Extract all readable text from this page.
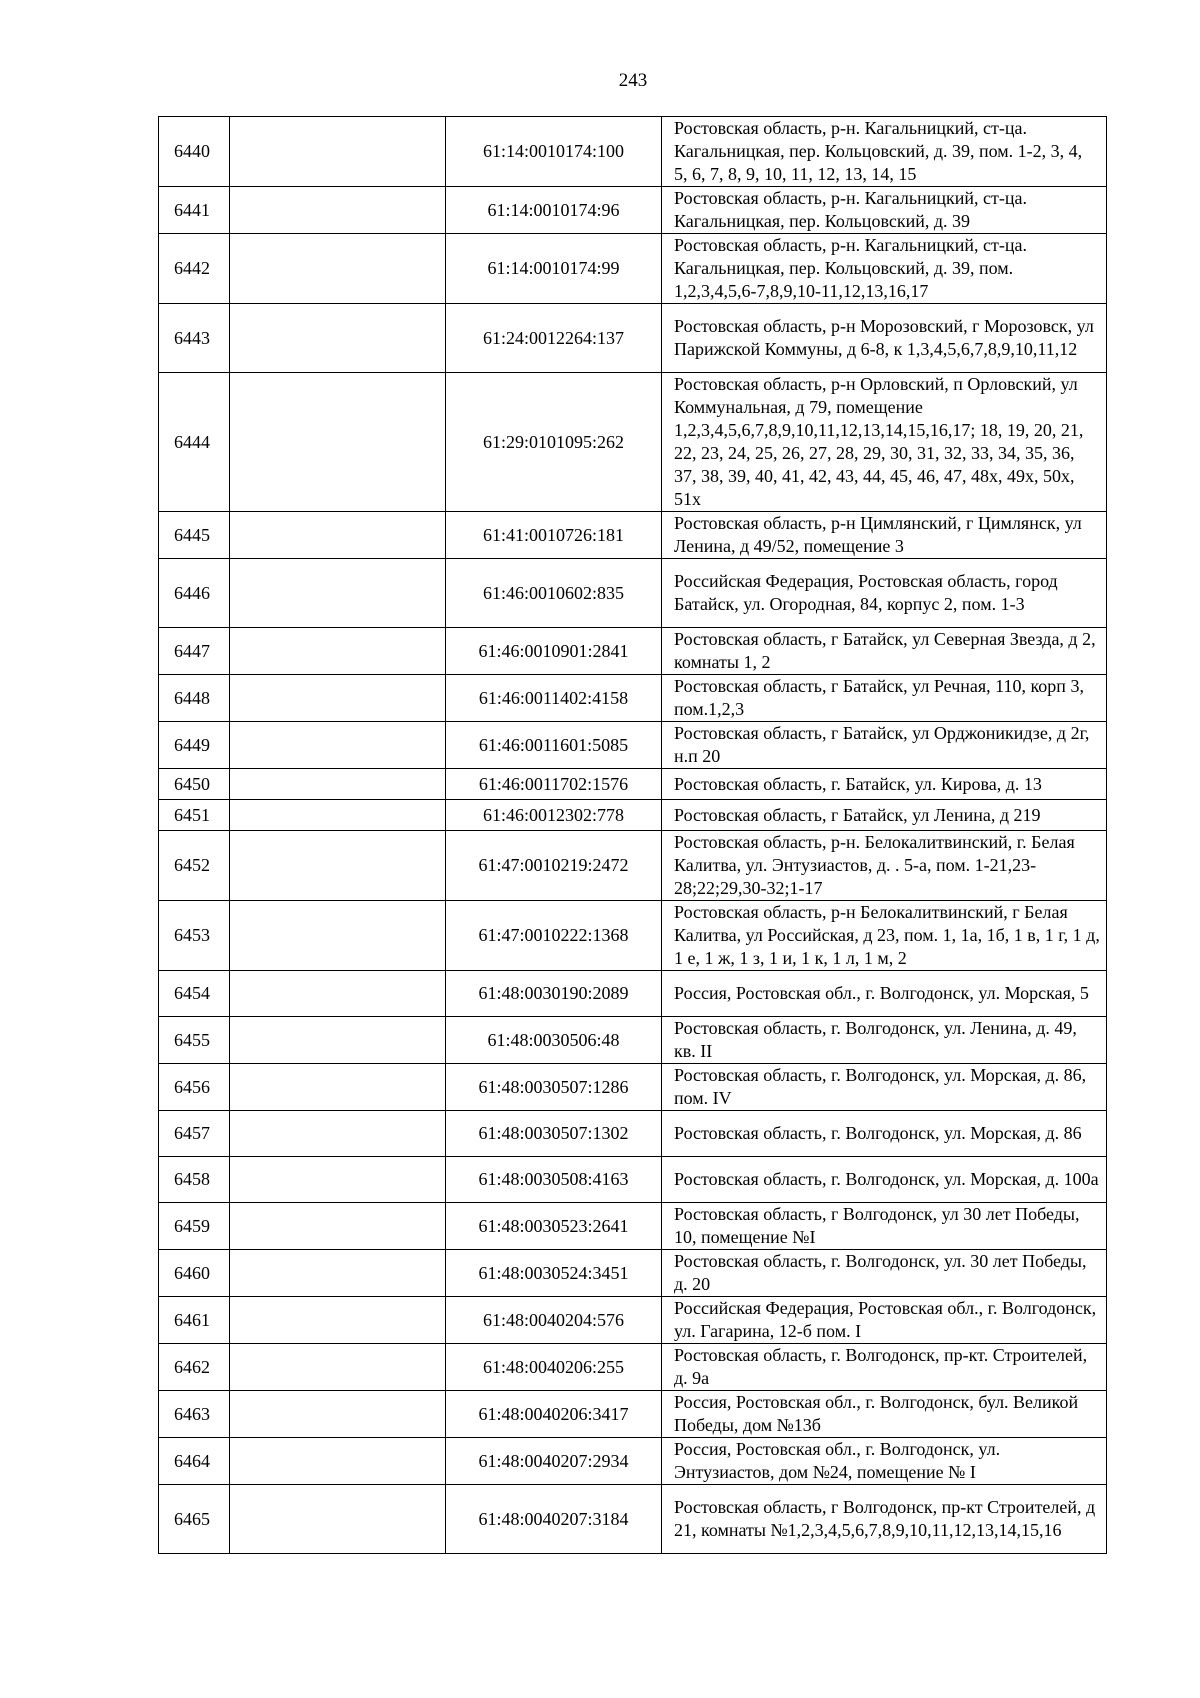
243
6440		61:14:0010174:100	Ростовская область, р-н. Кагальницкий, ст-ца. Кагальницкая, пер. Кольцовский, д. 39, пом. 1-2, 3, 4, 5, 6, 7, 8, 9, 10, 11, 12, 13, 14, 15
6441		61:14:0010174:96	Ростовская область, р-н. Кагальницкий, ст-ца. Кагальницкая, пер. Кольцовский, д. 39
6442		61:14:0010174:99	Ростовская область, р-н. Кагальницкий, ст-ца. Кагальницкая, пер. Кольцовский, д. 39, пом. 1,2,3,4,5,6-7,8,9,10-11,12,13,16,17
6443		61:24:0012264:137	Ростовская область, р-н Морозовский, г Морозовск, ул Парижской Коммуны, д 6-8, к 1,3,4,5,6,7,8,9,10,11,12
6444		61:29:0101095:262	Ростовская область, р-н Орловский, п Орловский, ул Коммунальная, д 79, помещение 1,2,3,4,5,6,7,8,9,10,11,12,13,14,15,16,17; 18, 19, 20, 21, 22, 23, 24, 25, 26, 27, 28, 29, 30, 31, 32, 33, 34, 35, 36, 37, 38, 39, 40, 41, 42, 43, 44, 45, 46, 47, 48х, 49х, 50х, 51х
6445		61:41:0010726:181	Ростовская область, р-н Цимлянский, г Цимлянск, ул Ленина, д 49/52, помещение 3
6446		61:46:0010602:835	Российская Федерация, Ростовская область, город Батайск, ул. Огородная, 84, корпус 2, пом. 1-3
6447		61:46:0010901:2841	Ростовская область, г Батайск, ул Северная Звезда, д 2, комнаты 1, 2
6448		61:46:0011402:4158	Ростовская область, г Батайск, ул Речная, 110, корп 3, пом.1,2,3
6449		61:46:0011601:5085	Ростовская область, г Батайск, ул Орджоникидзе, д 2г, н.п 20
6450		61:46:0011702:1576	Ростовская область, г. Батайск, ул. Кирова, д. 13
6451		61:46:0012302:778	Ростовская область, г Батайск, ул Ленина, д 219
6452		61:47:0010219:2472	Ростовская область, р-н. Белокалитвинский, г. Белая Калитва, ул. Энтузиастов, д. . 5-а, пом. 1-21,23-28;22;29,30-32;1-17
6453		61:47:0010222:1368	Ростовская область, р-н Белокалитвинский, г Белая Калитва, ул Российская, д 23, пом. 1, 1а, 1б, 1 в, 1 г, 1 д, 1 е, 1 ж, 1 з, 1 и, 1 к, 1 л, 1 м, 2
6454		61:48:0030190:2089	Россия, Ростовская обл., г. Волгодонск, ул. Морская, 5
6455		61:48:0030506:48	Ростовская область, г. Волгодонск, ул. Ленина, д. 49, кв. II
6456		61:48:0030507:1286	Ростовская область, г. Волгодонск, ул. Морская, д. 86, пом. IV
6457		61:48:0030507:1302	Ростовская область, г. Волгодонск, ул. Морская, д. 86
6458		61:48:0030508:4163	Ростовская область, г. Волгодонск, ул. Морская, д. 100а
6459		61:48:0030523:2641	Ростовская область, г Волгодонск, ул 30 лет Победы, 10, помещение №I
6460		61:48:0030524:3451	Ростовская область, г. Волгодонск, ул. 30 лет Победы, д. 20
6461		61:48:0040204:576	Российская Федерация, Ростовская обл., г. Волгодонск, ул. Гагарина, 12-б пом. I
6462		61:48:0040206:255	Ростовская область, г. Волгодонск, пр-кт. Строителей, д. 9а
6463		61:48:0040206:3417	Россия, Ростовская обл., г. Волгодонск, бул. Великой Победы, дом №13б
6464		61:48:0040207:2934	Россия, Ростовская обл., г. Волгодонск, ул. Энтузиастов, дом №24, помещение № I
6465		61:48:0040207:3184	Ростовская область, г Волгодонск, пр-кт Строителей, д 21, комнаты №1,2,3,4,5,6,7,8,9,10,11,12,13,14,15,16
